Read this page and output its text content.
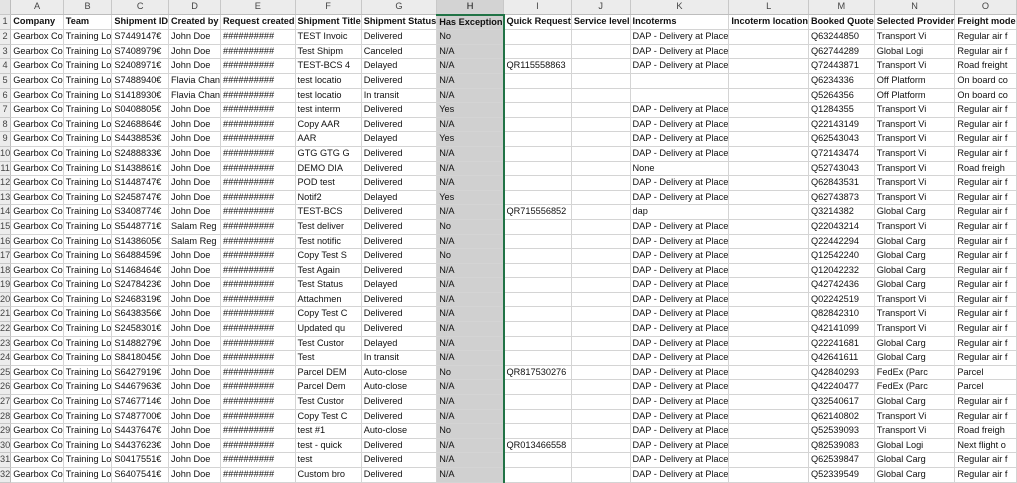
	A	B	C	D	E	F	G	H	I	J	K	L	M	N	O
1	Company	Team	Shipment ID	Created by	Request created	Shipment Title	Shipment Status	Has Exception	Quick Request	Service level	Incoterms	Incoterm location	Booked Quote	Selected Provider	Freight mode
2	Gearbox Co	Training Lo	S7449147€	John Doe	##########	TEST Invoic	Delivered	No			DAP - Delivery at Place		Q63244850	Transport Vi	Regular air f
3	Gearbox Co	Training Lo	S7408979€	John Doe	##########	Test Shipm	Canceled	N/A			DAP - Delivery at Place		Q62744289	Global Logi	Regular air f
4	Gearbox Co	Training Lo	S2408971€	John Doe	##########	TEST-BCS 4	Delayed	N/A	QR115558863		DAP - Delivery at Place		Q72443871	Transport Vi	Road freight
5	Gearbox Co	Training Lo	S7488940€	Flavia Chan	##########	test locatio	Delivered	N/A					Q6234336	Off Platform	On board co
6	Gearbox Co	Training Lo	S1418930€	Flavia Chan	##########	test locatio	In transit	N/A					Q5264356	Off Platform	On board co
7	Gearbox Co	Training Lo	S0408805€	John Doe	##########	test interm	Delivered	Yes			DAP - Delivery at Place		Q1284355	Transport Vi	Regular air f
8	Gearbox Co	Training Lo	S2468864€	John Doe	##########	Copy AAR	Delivered	N/A			DAP - Delivery at Place		Q22143149	Transport Vi	Regular air f
9	Gearbox Co	Training Lo	S4438853€	John Doe	##########	AAR	Delayed	Yes			DAP - Delivery at Place		Q62543043	Transport Vi	Regular air f
10	Gearbox Co	Training Lo	S2488833€	John Doe	##########	GTG GTG G	Delivered	N/A			DAP - Delivery at Place		Q72143474	Transport Vi	Regular air f
11	Gearbox Co	Training Lo	S1438861€	John Doe	##########	DEMO DIA	Delivered	N/A			None		Q52743043	Transport Vi	Road freigh
12	Gearbox Co	Training Lo	S1448747€	John Doe	##########	POD test	Delivered	N/A			DAP - Delivery at Place		Q62843531	Transport Vi	Regular air f
13	Gearbox Co	Training Lo	S2458747€	John Doe	##########	Notif2	Delayed	Yes			DAP - Delivery at Place		Q62743873	Transport Vi	Regular air f
14	Gearbox Co	Training Lo	S3408774€	John Doe	##########	TEST-BCS	Delivered	N/A	QR715556852		dap		Q3214382	Global Carg	Regular air f
15	Gearbox Co	Training Lo	S5448771€	Salam Reg	##########	Test deliver	Delivered	No			DAP - Delivery at Place		Q22043214	Transport Vi	Regular air f
16	Gearbox Co	Training Lo	S1438605€	Salam Reg	##########	Test notific	Delivered	N/A			DAP - Delivery at Place		Q22442294	Global Carg	Regular air f
17	Gearbox Co	Training Lo	S6488459€	John Doe	##########	Copy Test S	Delivered	No			DAP - Delivery at Place		Q12542240	Global Carg	Regular air f
18	Gearbox Co	Training Lo	S1468464€	John Doe	##########	Test Again	Delivered	N/A			DAP - Delivery at Place		Q12042232	Global Carg	Regular air f
19	Gearbox Co	Training Lo	S2478423€	John Doe	##########	Test Status	Delayed	N/A			DAP - Delivery at Place		Q42742436	Global Carg	Regular air f
20	Gearbox Co	Training Lo	S2468319€	John Doe	##########	Attachmen	Delivered	N/A			DAP - Delivery at Place		Q02242519	Transport Vi	Regular air f
21	Gearbox Co	Training Lo	S6438356€	John Doe	##########	Copy Test C	Delivered	N/A			DAP - Delivery at Place		Q82842310	Transport Vi	Regular air f
22	Gearbox Co	Training Lo	S2458301€	John Doe	##########	Updated qu	Delivered	N/A			DAP - Delivery at Place		Q42141099	Transport Vi	Regular air f
23	Gearbox Co	Training Lo	S1488279€	John Doe	##########	Test Custor	Delayed	N/A			DAP - Delivery at Place		Q22241681	Global Carg	Regular air f
24	Gearbox Co	Training Lo	S8418045€	John Doe	##########	Test	In transit	N/A			DAP - Delivery at Place		Q42641611	Global Carg	Regular air f
25	Gearbox Co	Training Lo	S6427919€	John Doe	##########	Parcel DEM	Auto-close	No	QR817530276		DAP - Delivery at Place		Q42840293	FedEx (Parc	Parcel
26	Gearbox Co	Training Lo	S4467963€	John Doe	##########	Parcel Dem	Auto-close	N/A			DAP - Delivery at Place		Q42240477	FedEx (Parc	Parcel
27	Gearbox Co	Training Lo	S7467714€	John Doe	##########	Test Custor	Delivered	N/A			DAP - Delivery at Place		Q32540617	Global Carg	Regular air f
28	Gearbox Co	Training Lo	S7487700€	John Doe	##########	Copy Test C	Delivered	N/A			DAP - Delivery at Place		Q62140802	Transport Vi	Regular air f
29	Gearbox Co	Training Lo	S4437647€	John Doe	##########	test #1	Auto-close	No			DAP - Delivery at Place		Q52539093	Transport Vi	Road freigh
30	Gearbox Co	Training Lo	S4437623€	John Doe	##########	test - quick	Delivered	N/A	QR013466558		DAP - Delivery at Place		Q82539083	Global Logi	Next flight o
31	Gearbox Co	Training Lo	S0417551€	John Doe	##########	test	Delivered	N/A			DAP - Delivery at Place		Q62539847	Global Carg	Regular air f
32	Gearbox Co	Training Lo	S6407541€	John Doe	##########	Custom bro	Delivered	N/A			DAP - Delivery at Place		Q52339549	Global Carg	Regular air f
